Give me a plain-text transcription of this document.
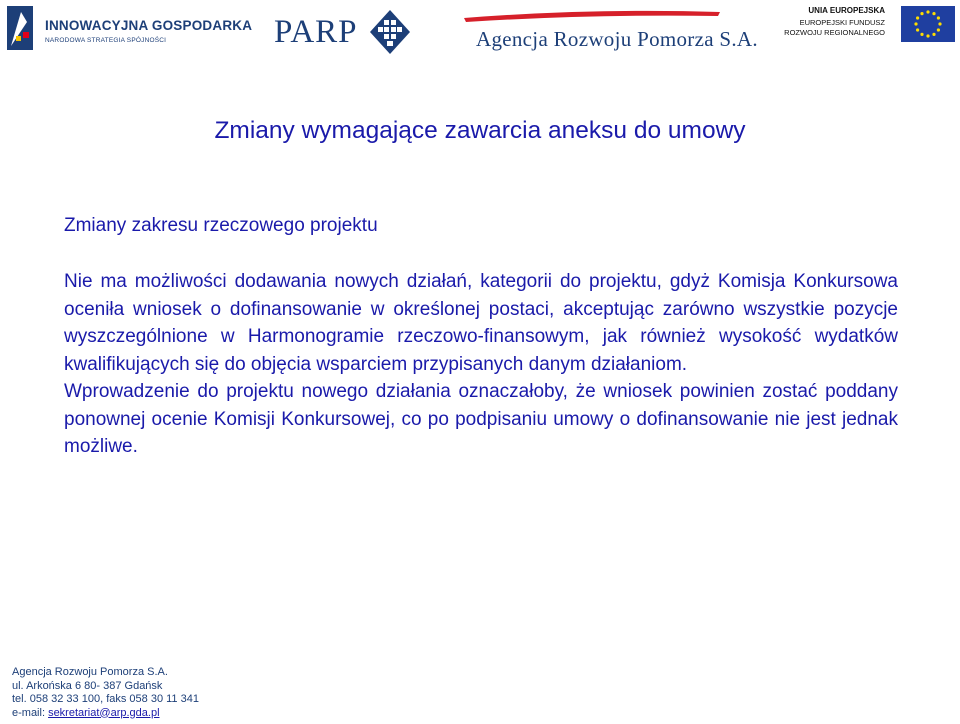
INNOWACYJNA GOSPODARKA
NARODOWA STRATEGIA SPÓJNOŚCI	PARP	Agencja Rozwoju Pomorza S.A.
UNIA EUROPEJSKA
EUROPEJSKI FUNDUSZ
ROZWOJU REGIONALNEGO
Zmiany wymagające zawarcia aneksu do umowy
Zmiany zakresu rzeczowego projektu

Nie ma możliwości dodawania nowych działań, kategorii do projektu, gdyż Komisja Konkursowa oceniła wniosek o dofinansowanie w określonej postaci, akceptując zarówno wszystkie pozycje wyszczególnione w Harmonogramie rzeczowo-finansowym, jak również wysokość wydatków kwalifikujących się do objęcia wsparciem przypisanych danym działaniom.

Wprowadzenie do projektu nowego działania oznaczałoby, że wniosek powinien zostać poddany ponownej ocenie Komisji Konkursowej, co po podpisaniu umowy o dofinansowanie nie jest jednak możliwe.

Agencja Rozwoju Pomorza S.A.
ul. Arkońska 6 80- 387 Gdańsk
tel. 058 32 33 100, faks 058 30 11 341
e-mail: sekretariat@arp.gda.pl
